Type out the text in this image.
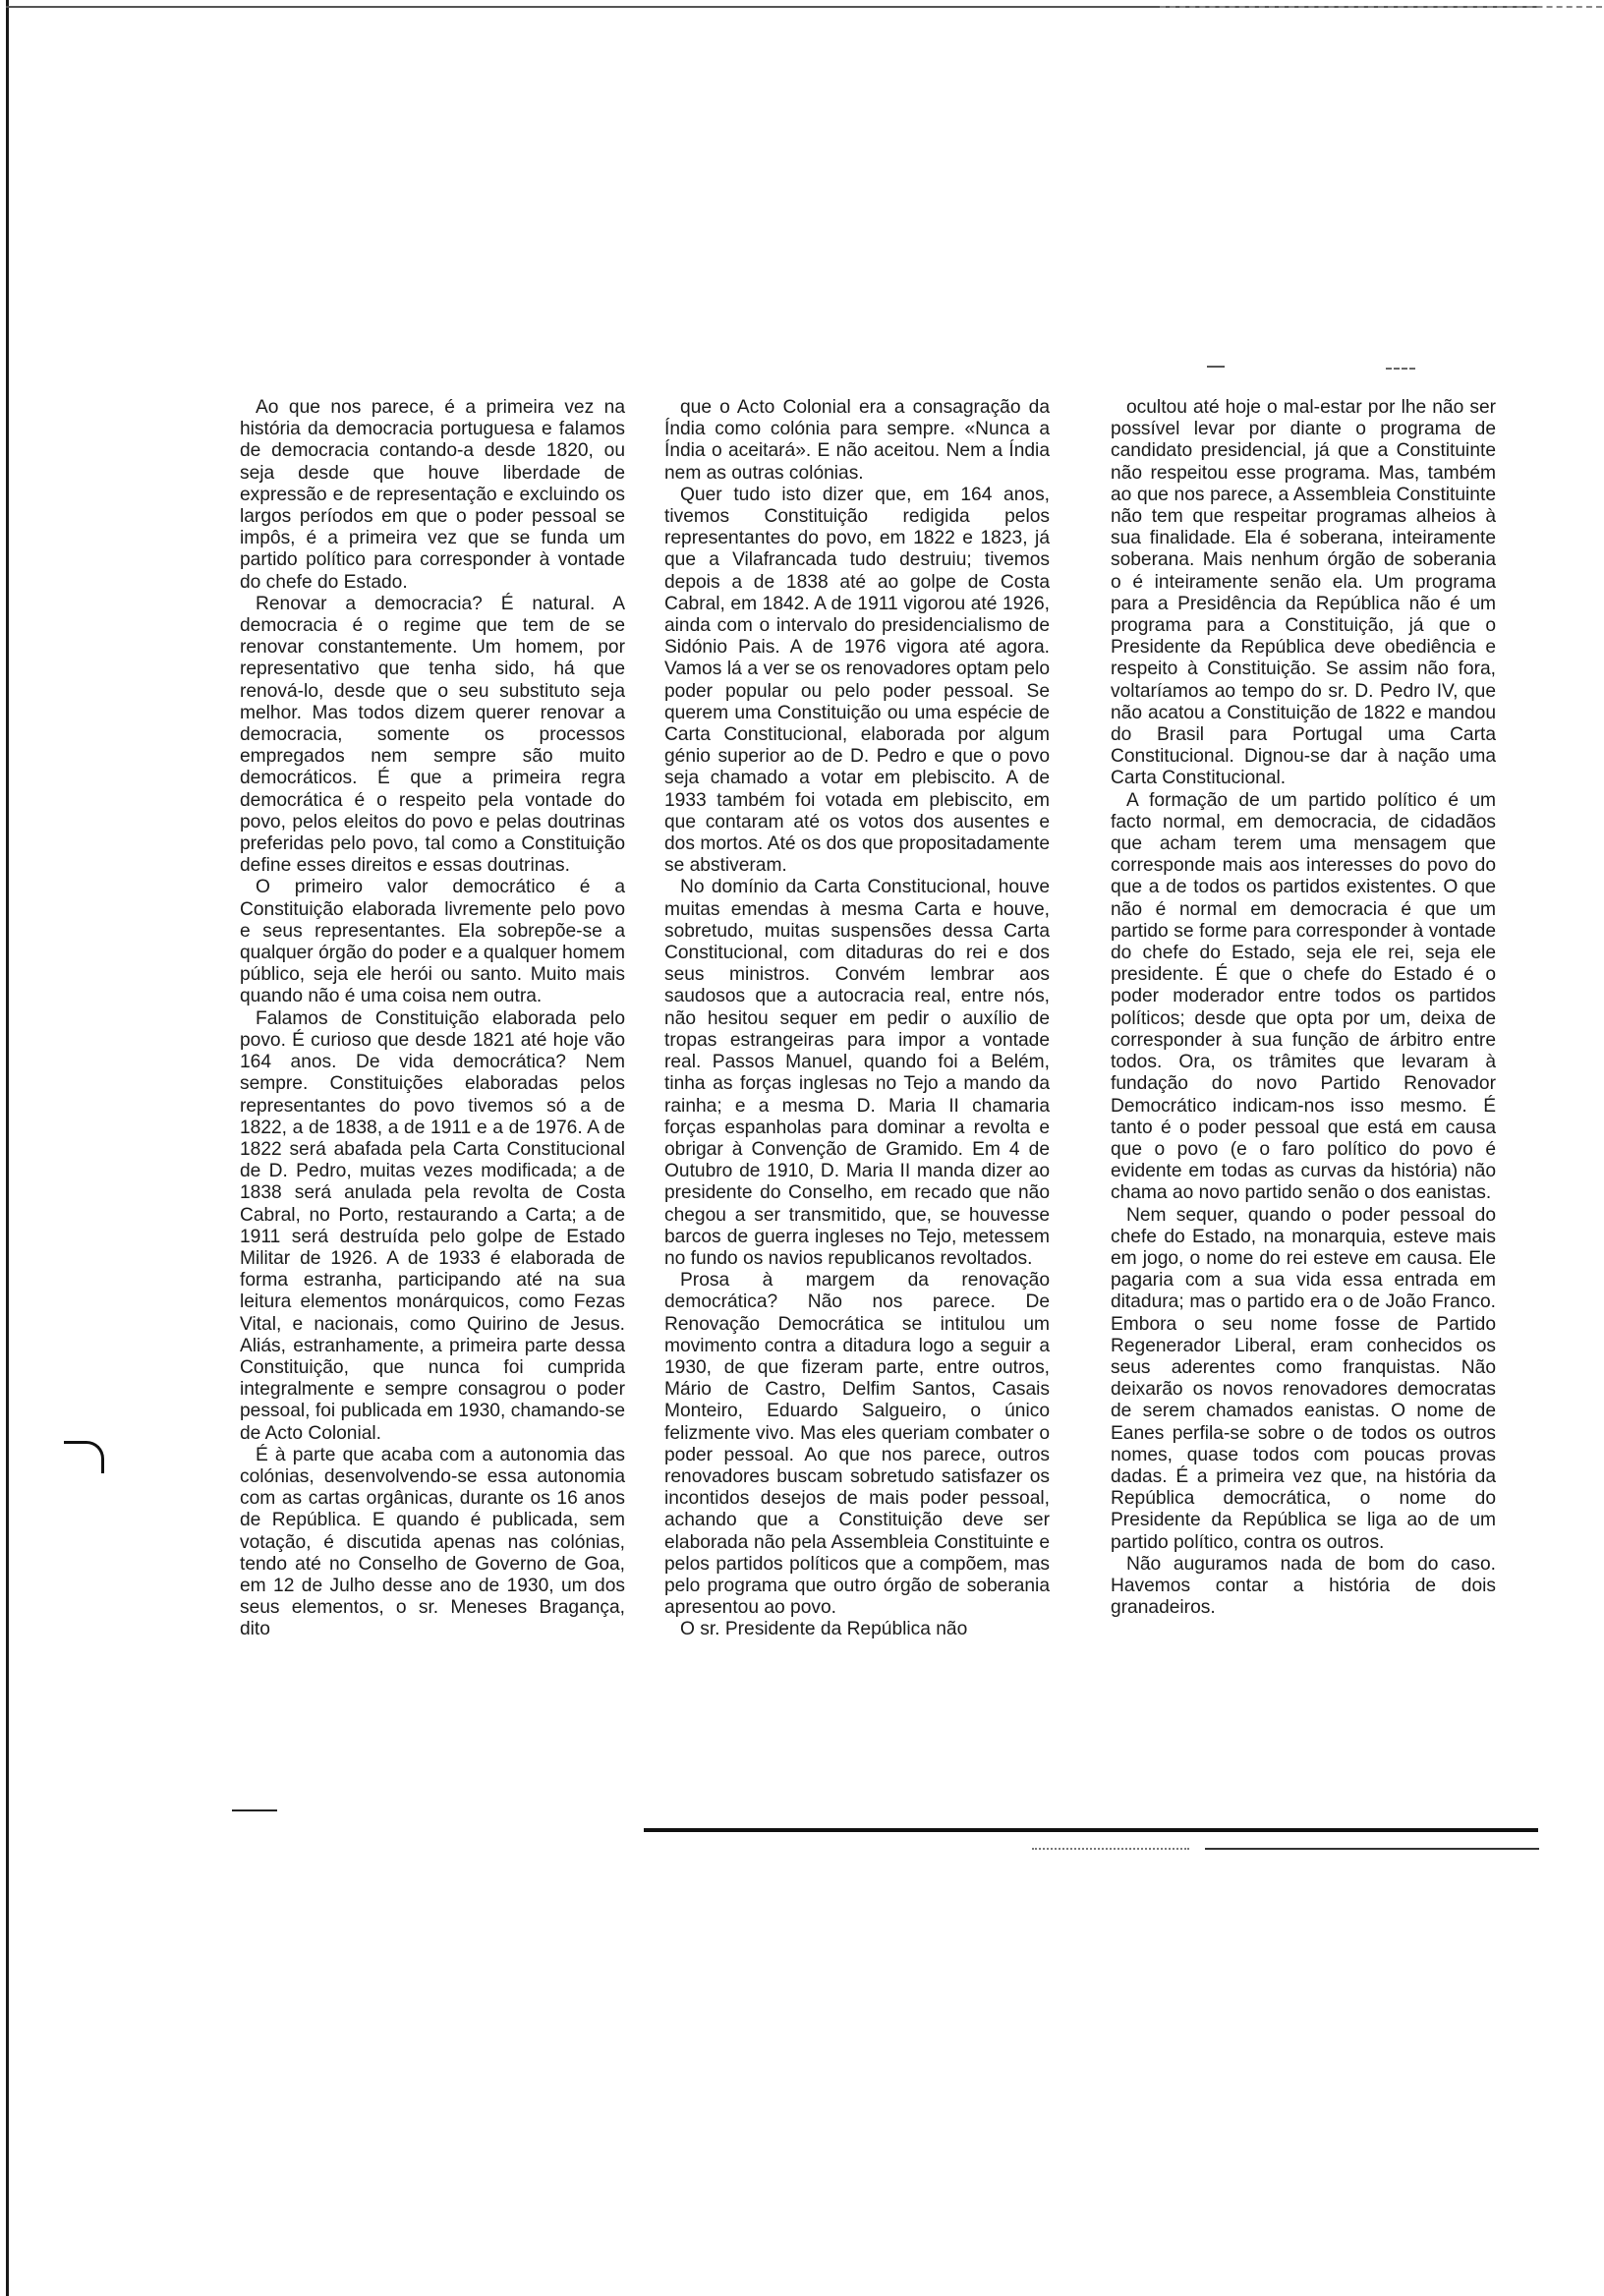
Ao que nos parece, é a primeira vez na história da democracia portuguesa e falamos de democracia contando-a desde 1820, ou seja desde que houve liberdade de expressão e de representação e excluindo os largos períodos em que o poder pessoal se impôs, é a primeira vez que se funda um partido político para corresponder à vontade do chefe do Estado.

Renovar a democracia? É natural. A democracia é o regime que tem de se renovar constantemente. Um homem, por representativo que tenha sido, há que renová-lo, desde que o seu substituto seja melhor. Mas todos dizem querer renovar a democracia, somente os processos empregados nem sempre são muito democráticos. É que a primeira regra democrática é o respeito pela vontade do povo, pelos eleitos do povo e pelas doutrinas preferidas pelo povo, tal como a Constituição define esses direitos e essas doutrinas.

O primeiro valor democrático é a Constituição elaborada livremente pelo povo e seus representantes. Ela sobrepõe-se a qualquer órgão do poder e a qualquer homem público, seja ele herói ou santo. Muito mais quando não é uma coisa nem outra.

Falamos de Constituição elaborada pelo povo. É curioso que desde 1821 até hoje vão 164 anos. De vida democrática? Nem sempre. Constituições elaboradas pelos representantes do povo tivemos só a de 1822, a de 1838, a de 1911 e a de 1976. A de 1822 será abafada pela Carta Constitucional de D. Pedro, muitas vezes modificada; a de 1838 será anulada pela revolta de Costa Cabral, no Porto, restaurando a Carta; a de 1911 será destruída pelo golpe de Estado Militar de 1926. A de 1933 é elaborada de forma estranha, participando até na sua leitura elementos monárquicos, como Fezas Vital, e nacionais, como Quirino de Jesus. Aliás, estranhamente, a primeira parte dessa Constituição, que nunca foi cumprida integralmente e sempre consagrou o poder pessoal, foi publicada em 1930, chamando-se de Acto Colonial.

É à parte que acaba com a autonomia das colónias, desenvolvendo-se essa autonomia com as cartas orgânicas, durante os 16 anos de República. E quando é publicada, sem votação, é discutida apenas nas colónias, tendo até no Conselho de Governo de Goa, em 12 de Julho desse ano de 1930, um dos seus elementos, o sr. Meneses Bragança, dito

que o Acto Colonial era a consagração da Índia como colónia para sempre. «Nunca a Índia o aceitará». E não aceitou. Nem a Índia nem as outras colónias.

Quer tudo isto dizer que, em 164 anos, tivemos Constituição redigida pelos representantes do povo, em 1822 e 1823, já que a Vilafrancada tudo destruiu; tivemos depois a de 1838 até ao golpe de Costa Cabral, em 1842. A de 1911 vigorou até 1926, ainda com o intervalo do presidencialismo de Sidónio Pais. A de 1976 vigora até agora. Vamos lá a ver se os renovadores optam pelo poder popular ou pelo poder pessoal. Se querem uma Constituição ou uma espécie de Carta Constitucional, elaborada por algum génio superior ao de D. Pedro e que o povo seja chamado a votar em plebiscito. A de 1933 também foi votada em plebiscito, em que contaram até os votos dos ausentes e dos mortos. Até os dos que propositadamente se abstiveram.

No domínio da Carta Constitucional, houve muitas emendas à mesma Carta e houve, sobretudo, muitas suspensões dessa Carta Constitucional, com ditaduras do rei e dos seus ministros. Convém lembrar aos saudosos que a autocracia real, entre nós, não hesitou sequer em pedir o auxílio de tropas estrangeiras para impor a vontade real. Passos Manuel, quando foi a Belém, tinha as forças inglesas no Tejo a mando da rainha; e a mesma D. Maria II chamaria forças espanholas para dominar a revolta e obrigar à Convenção de Gramido. Em 4 de Outubro de 1910, D. Maria II manda dizer ao presidente do Conselho, em recado que não chegou a ser transmitido, que, se houvesse barcos de guerra ingleses no Tejo, metessem no fundo os navios republicanos revoltados.

Prosa à margem da renovação democrática? Não nos parece. De Renovação Democrática se intitulou um movimento contra a ditadura logo a seguir a 1930, de que fizeram parte, entre outros, Mário de Castro, Delfim Santos, Casais Monteiro, Eduardo Salgueiro, o único felizmente vivo. Mas eles queriam combater o poder pessoal. Ao que nos parece, outros renovadores buscam sobretudo satisfazer os incontidos desejos de mais poder pessoal, achando que a Constituição deve ser elaborada não pela Assembleia Constituinte e pelos partidos políticos que a compõem, mas pelo programa que outro órgão de soberania apresentou ao povo.

O sr. Presidente da República não

ocultou até hoje o mal-estar por lhe não ser possível levar por diante o programa de candidato presidencial, já que a Constituinte não respeitou esse programa. Mas, também ao que nos parece, a Assembleia Constituinte não tem que respeitar programas alheios à sua finalidade. Ela é soberana, inteiramente soberana. Mais nenhum órgão de soberania o é inteiramente senão ela. Um programa para a Presidência da República não é um programa para a Constituição, já que o Presidente da República deve obediência e respeito à Constituição. Se assim não fora, voltaríamos ao tempo do sr. D. Pedro IV, que não acatou a Constituição de 1822 e mandou do Brasil para Portugal uma Carta Constitucional. Dignou-se dar à nação uma Carta Constitucional.

A formação de um partido político é um facto normal, em democracia, de cidadãos que acham terem uma mensagem que corresponde mais aos interesses do povo do que a de todos os partidos existentes. O que não é normal em democracia é que um partido se forme para corresponder à vontade do chefe do Estado, seja ele rei, seja ele presidente. É que o chefe do Estado é o poder moderador entre todos os partidos políticos; desde que opta por um, deixa de corresponder à sua função de árbitro entre todos. Ora, os trâmites que levaram à fundação do novo Partido Renovador Democrático indicam-nos isso mesmo. É tanto é o poder pessoal que está em causa que o povo (e o faro político do povo é evidente em todas as curvas da história) não chama ao novo partido senão o dos eanistas.

Nem sequer, quando o poder pessoal do chefe do Estado, na monarquia, esteve mais em jogo, o nome do rei esteve em causa. Ele pagaria com a sua vida essa entrada em ditadura; mas o partido era o de João Franco. Embora o seu nome fosse de Partido Regenerador Liberal, eram conhecidos os seus aderentes como franquistas. Não deixarão os novos renovadores democratas de serem chamados eanistas. O nome de Eanes perfila-se sobre o de todos os outros nomes, quase todos com poucas provas dadas. É a primeira vez que, na história da República democrática, o nome do Presidente da República se liga ao de um partido político, contra os outros.

Não auguramos nada de bom do caso. Havemos contar a história de dois granadeiros.
